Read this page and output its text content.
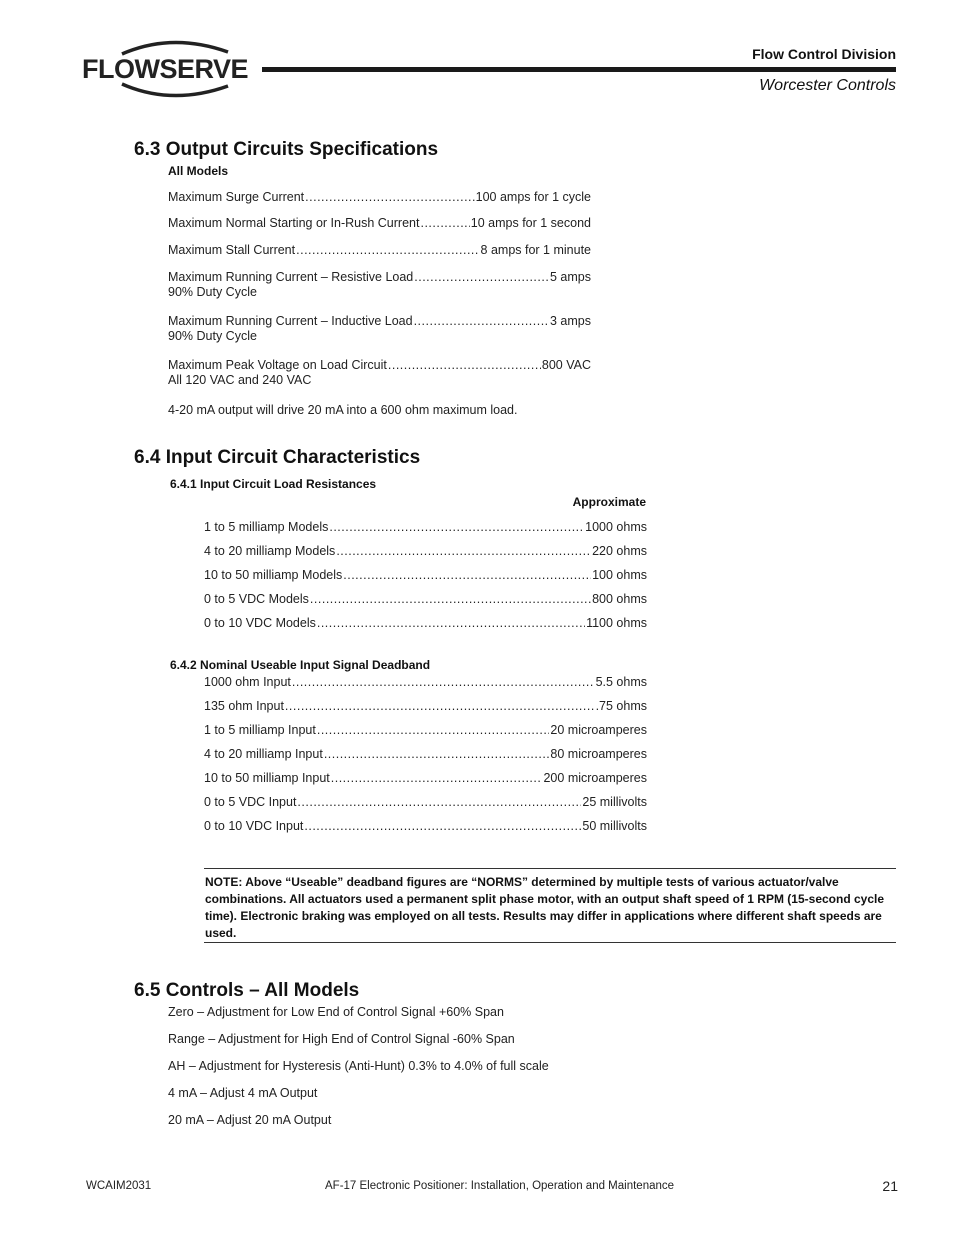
FLOWSERVE	Flow Control Division
Worcester Controls
6.3 Output Circuits Specifications
All Models
Maximum Surge Current .....	100 amps for 1 cycle
Maximum Normal Starting or In-Rush Current .....	10 amps for 1 second
Maximum Stall Current .....	8 amps for 1 minute
Maximum Running Current – Resistive Load .....	5 amps
90% Duty Cycle
Maximum Running Current – Inductive Load .....	3 amps
90% Duty Cycle
Maximum Peak Voltage on Load Circuit .....	800 VAC
All 120 VAC and 240 VAC
4-20 mA output will drive 20 mA into a 600 ohm maximum load.
6.4 Input Circuit Characteristics
6.4.1 Input Circuit Load Resistances
Approximate
1 to 5 milliamp Models .....	1000 ohms
4 to 20 milliamp Models .....	220 ohms
10 to 50 milliamp Models .....	100 ohms
0 to 5 VDC Models .....	800 ohms
0 to 10 VDC Models .....	1100 ohms
6.4.2 Nominal Useable Input Signal Deadband
1000 ohm Input .....	5.5 ohms
135 ohm Input .....	.75 ohms
1 to 5 milliamp Input .....	20 microamperes
4 to 20 milliamp Input .....	80 microamperes
10 to 50 milliamp Input .....	200 microamperes
0 to 5 VDC Input .....	25 millivolts
0 to 10 VDC Input .....	50 millivolts
NOTE: Above “Useable” deadband figures are “NORMS” determined by multiple tests of various actuator/valve combinations. All actuators used a permanent split phase motor, with an output shaft speed of 1 RPM (15-second cycle time). Electronic braking was employed on all tests. Results may differ in applications where different shaft speeds are used.
6.5 Controls – All Models
Zero – Adjustment for Low End of Control Signal +60% Span
Range – Adjustment for High End of Control Signal -60% Span
AH – Adjustment for Hysteresis (Anti-Hunt) 0.3% to 4.0% of full scale
4 mA – Adjust 4 mA Output
20 mA – Adjust 20 mA Output
WCAIM2031	AF-17 Electronic Positioner: Installation, Operation and Maintenance	21
